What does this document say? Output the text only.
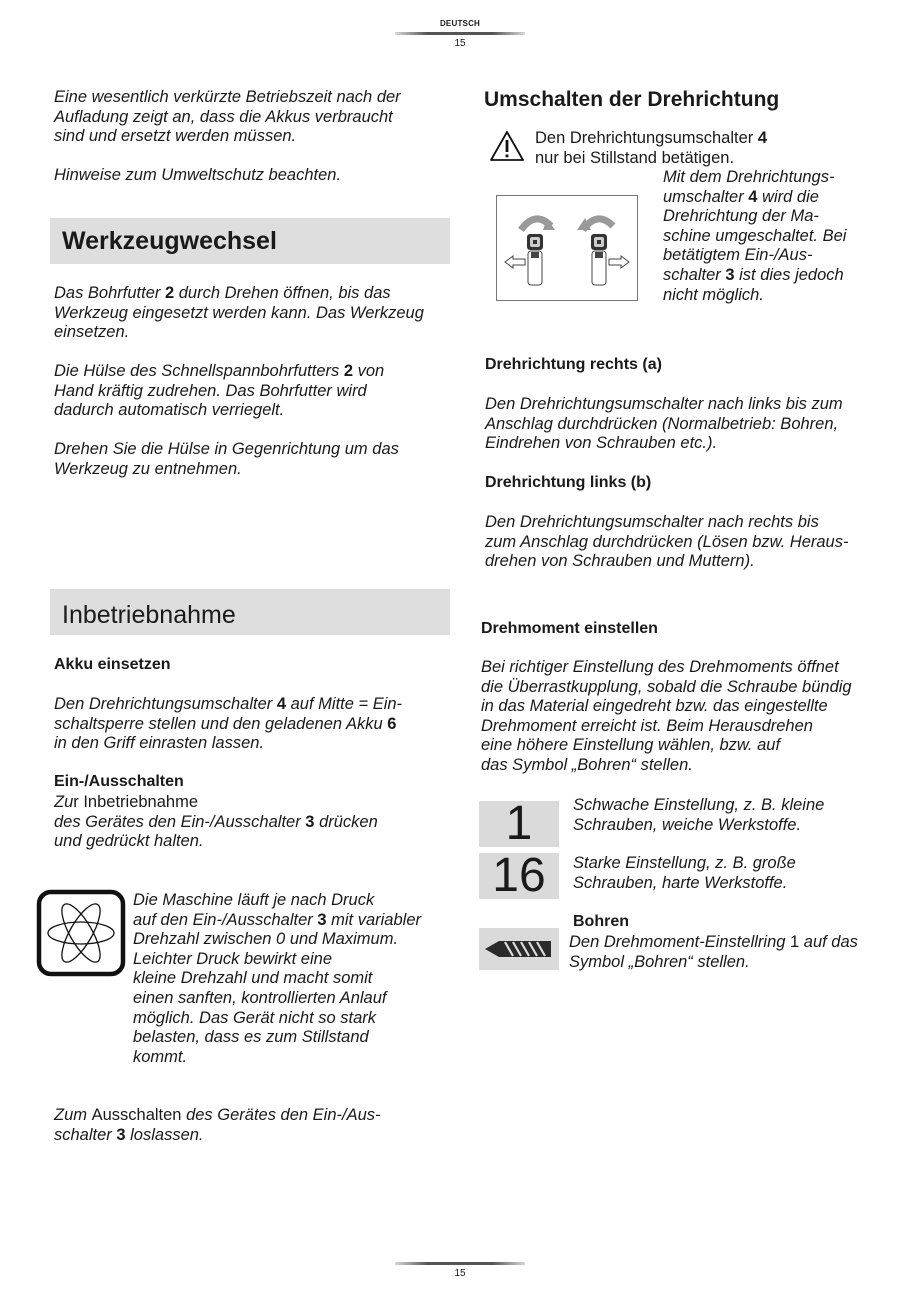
DEUTSCH
15
Eine wesentlich verkürzte Betriebszeit nach der
Aufladung zeigt an, dass die Akkus verbraucht
sind und ersetzt werden müssen.
Hinweise zum Umweltschutz beachten.
Werkzeugwechsel
Das Bohrfutter 2 durch Drehen öffnen, bis das
Werkzeug eingesetzt werden kann. Das Werkzeug
einsetzen.
Die Hülse des Schnellspannbohrfutters 2 von
Hand kräftig zudrehen. Das Bohrfutter wird
dadurch automatisch verriegelt.
Drehen Sie die Hülse in Gegenrichtung um das
Werkzeug zu entnehmen.
Inbetriebnahme
Akku einsetzen
Den Drehrichtungsumschalter 4 auf Mitte = Ein-
schaltsperre stellen und den geladenen Akku 6
in den Griff einrasten lassen.
Ein-/Ausschalten
Zur Inbetriebnahme
des Gerätes den Ein-/Ausschalter 3 drücken
und gedrückt halten.
Die Maschine läuft je nach Druck
auf den Ein-/Ausschalter 3 mit variabler
Drehzahl zwischen 0 und Maximum.
Leichter Druck bewirkt eine
kleine Drehzahl und macht somit
einen sanften, kontrollierten Anlauf
möglich. Das Gerät nicht so stark
belasten, dass es zum Stillstand
kommt.
Zum Ausschalten des Gerätes den Ein-/Aus-
schalter 3 loslassen.
Umschalten der Drehrichtung
Den Drehrichtungsumschalter 4
nur bei Stillstand betätigen.
Mit dem Drehrichtungs-
umschalter 4 wird die
Drehrichtung der Ma-
schine umgeschaltet. Bei
betätigtem Ein-/Aus-
schalter 3 ist dies jedoch
nicht möglich.
Drehrichtung rechts (a)
Den Drehrichtungsumschalter nach links bis zum
Anschlag durchdrücken (Normalbetrieb: Bohren,
Eindrehen von Schrauben etc.).
Drehrichtung links (b)
Den Drehrichtungsumschalter nach rechts bis
zum Anschlag durchdrücken (Lösen bzw. Heraus-
drehen von Schrauben und Muttern).
Drehmoment einstellen
Bei richtiger Einstellung des Drehmoments öffnet
die Überrastkupplung, sobald die Schraube bündig
in das Material eingedreht bzw. das eingestellte
Drehmoment erreicht ist. Beim Herausdrehen
eine höhere Einstellung wählen, bzw. auf
das Symbol „Bohren“ stellen.
1	Schwache Einstellung, z. B. kleine
Schrauben, weiche Werkstoffe.
16	Starke Einstellung, z. B. große
Schrauben, harte Werkstoffe.
Bohren
Den Drehmoment-Einstellring 1 auf das
Symbol „Bohren“ stellen.
15
